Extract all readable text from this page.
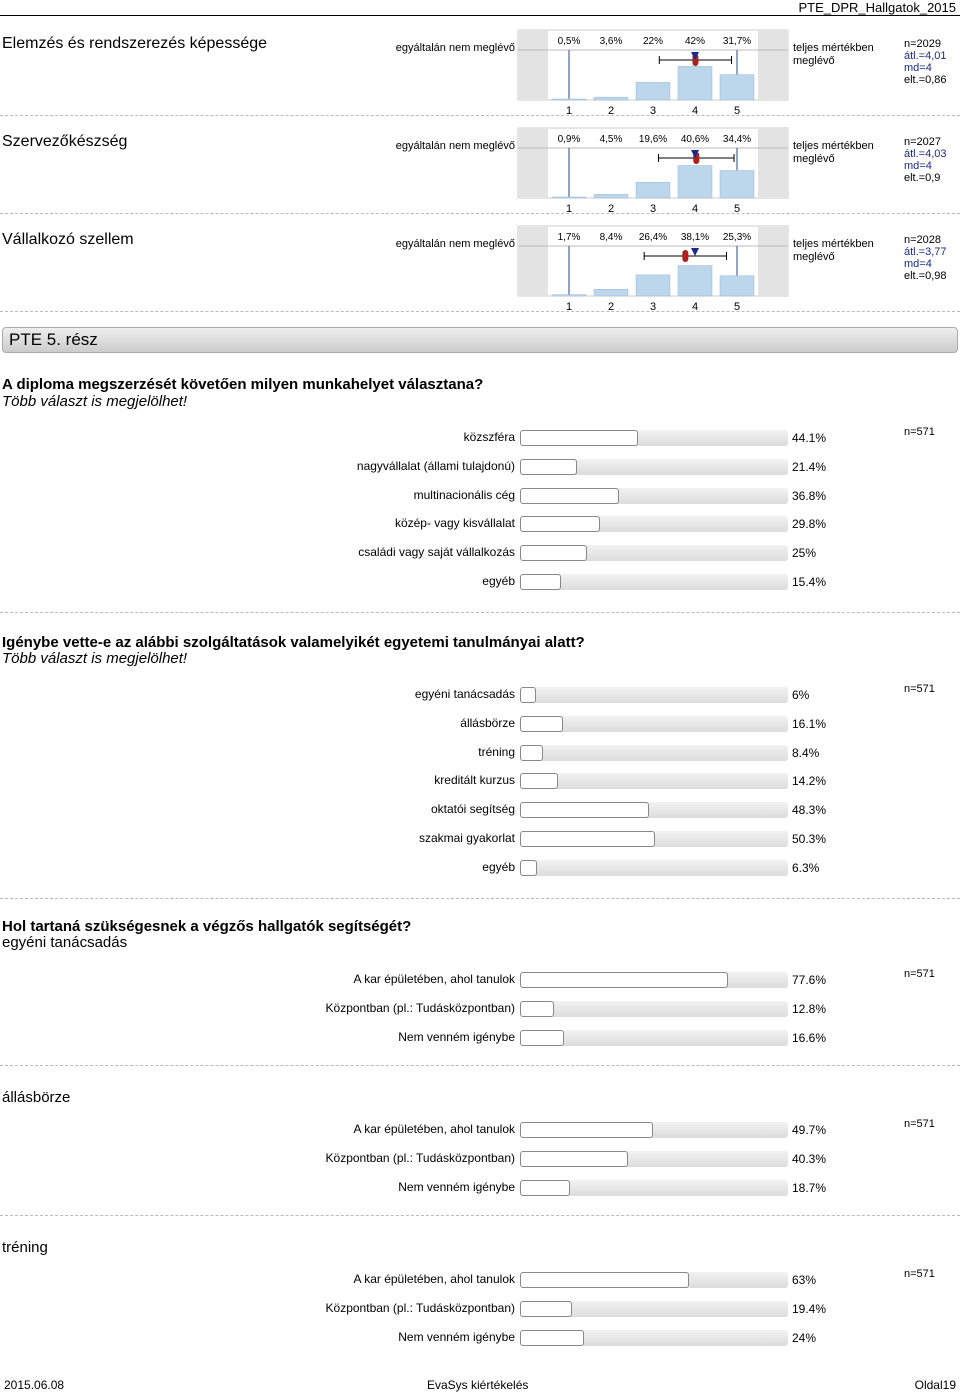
PTE_DPR_Hallgatok_2015
Elemzés és rendszerezés képessége	egyáltalán nem meglévő	teljes mértékben meglévő
n=2029
átl.=4,01
md=4
elt.=0,86
0,5% 3,6% 22% 42% 31,7%
1	2	3	4	5
Szervezőkészség	egyáltalán nem meglévő	teljes mértékben meglévő
n=2027
átl.=4,03
md=4
elt.=0,9
0,9% 4,5% 19,6% 40,6% 34,4%
1	2	3	4	5
Vállalkozó szellem	egyáltalán nem meglévő	teljes mértékben meglévő
n=2028
átl.=3,77
md=4
elt.=0,98
1,7% 8,4% 26,4% 38,1% 25,3%
1	2	3	4	5
PTE 5. rész
A diploma megszerzését követően milyen munkahelyet választana?
Több választ is megjelölhet!
n=571
közszféra	44.1%
nagyvállalat (állami tulajdonú)	21.4%
multinacionális cég	36.8%
közép- vagy kisvállalat	29.8%
családi vagy saját vállalkozás	25%
egyéb	15.4%
Igénybe vette-e az alábbi szolgáltatások valamelyikét egyetemi tanulmányai alatt?
Több választ is megjelölhet!
n=571
egyéni tanácsadás	6%
állásbörze	16.1%
tréning	8.4%
kreditált kurzus	14.2%
oktatói segítség	48.3%
szakmai gyakorlat	50.3%
egyéb	6.3%
Hol tartaná szükségesnek a végzős hallgatók segítségét?
egyéni tanácsadás
n=571
A kar épületében, ahol tanulok	77.6%
Központban (pl.: Tudásközpontban)	12.8%
Nem venném igénybe	16.6%
állásbörze
n=571
A kar épületében, ahol tanulok	49.7%
Központban (pl.: Tudásközpontban)	40.3%
Nem venném igénybe	18.7%
tréning
n=571
A kar épületében, ahol tanulok	63%
Központban (pl.: Tudásközpontban)	19.4%
Nem venném igénybe	24%
2015.06.08	EvaSys kiértékelés	Oldal19
